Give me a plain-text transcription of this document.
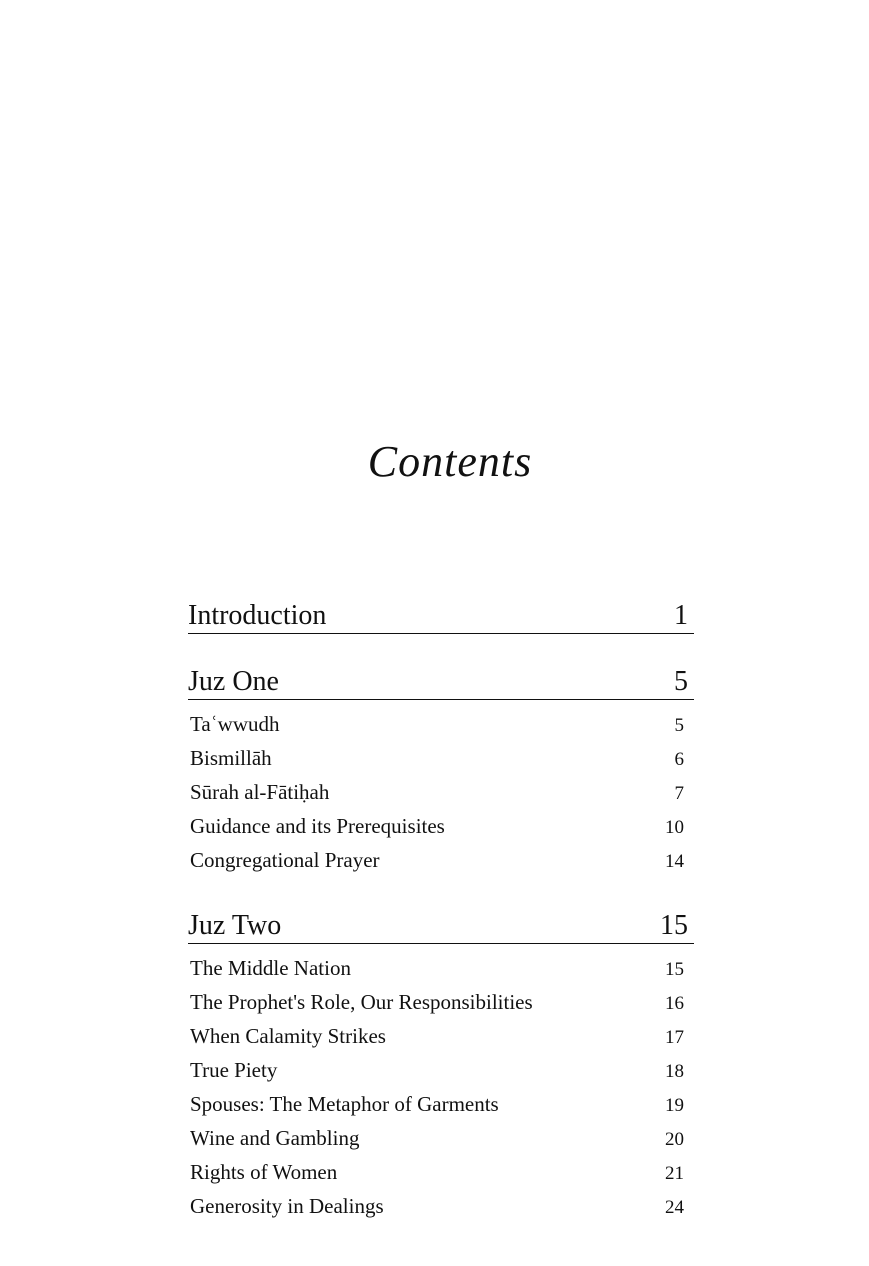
Contents
Introduction	1
Juz One	5
Taʿwwudh	5
Bismillāh	6
Sūrah al-Fātiḥah	7
Guidance and its Prerequisites	10
Congregational Prayer	14
Juz Two	15
The Middle Nation	15
The Prophet's Role, Our Responsibilities	16
When Calamity Strikes	17
True Piety	18
Spouses: The Metaphor of Garments	19
Wine and Gambling	20
Rights of Women	21
Generosity in Dealings	24
